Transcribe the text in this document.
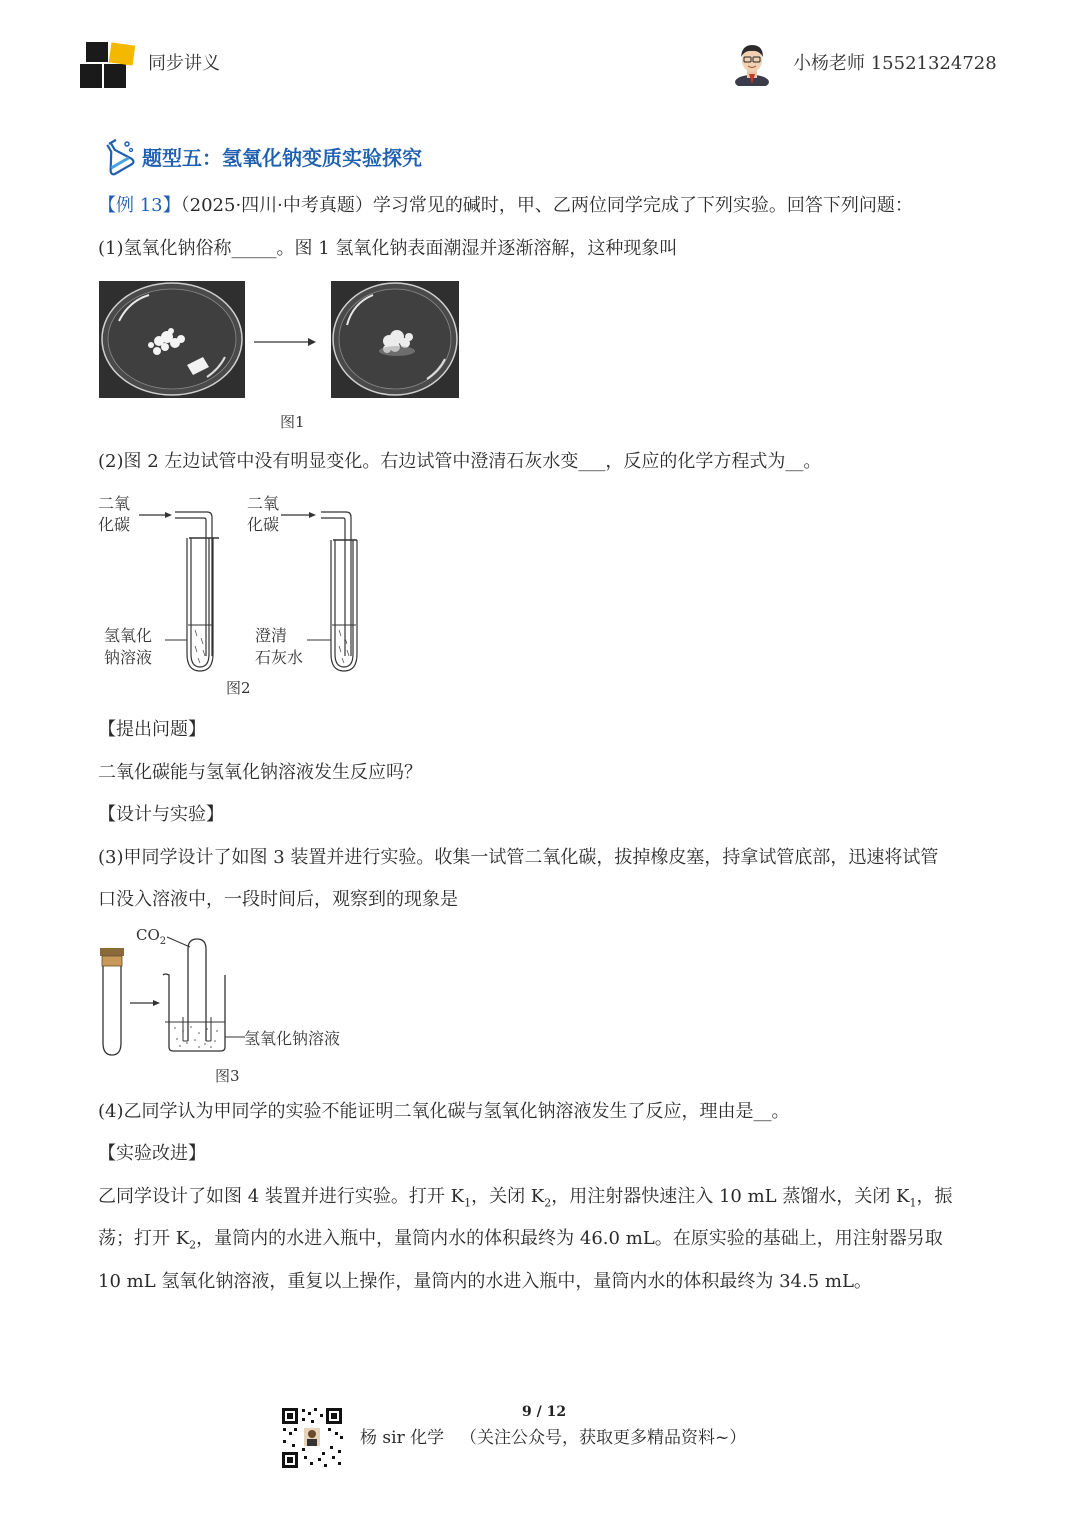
同步讲义	小杨老师 15521324728
题型五：氢氧化钠变质实验探究
【例 13】（2025·四川·中考真题）学习常见的碱时，甲、乙两位同学完成了下列实验。回答下列问题：
(1)氢氧化钠俗称_____。图 1 氢氧化钠表面潮湿并逐渐溶解，这种现象叫
图1
(2)图 2 左边试管中没有明显变化。右边试管中澄清石灰水变___，反应的化学方程式为__。
二氧
化碳
二氧
化碳
氢氧化
钠溶液
澄清
石灰水
图2
【提出问题】
二氧化碳能与氢氧化钠溶液发生反应吗？
【设计与实验】
(3)甲同学设计了如图 3 装置并进行实验。收集一试管二氧化碳，拔掉橡皮塞，持拿试管底部，迅速将试管
口没入溶液中，一段时间后，观察到的现象是
$CO_2$
氢氧化钠溶液
图3
(4)乙同学认为甲同学的实验不能证明二氧化碳与氢氧化钠溶液发生了反应，理由是__。
【实验改进】
乙同学设计了如图 4 装置并进行实验。打开 $K_1$，关闭 $K_2$，用注射器快速注入 10 mL 蒸馏水，关闭 $K_1$，振
荡；打开 $K_2$，量筒内的水进入瓶中，量筒内水的体积最终为 46.0 mL。在原实验的基础上，用注射器另取
10 mL 氢氧化钠溶液，重复以上操作，量筒内的水进入瓶中，量筒内水的体积最终为 34.5 mL。
9 / 12
杨 sir 化学 （关注公众号，获取更多精品资料~）
